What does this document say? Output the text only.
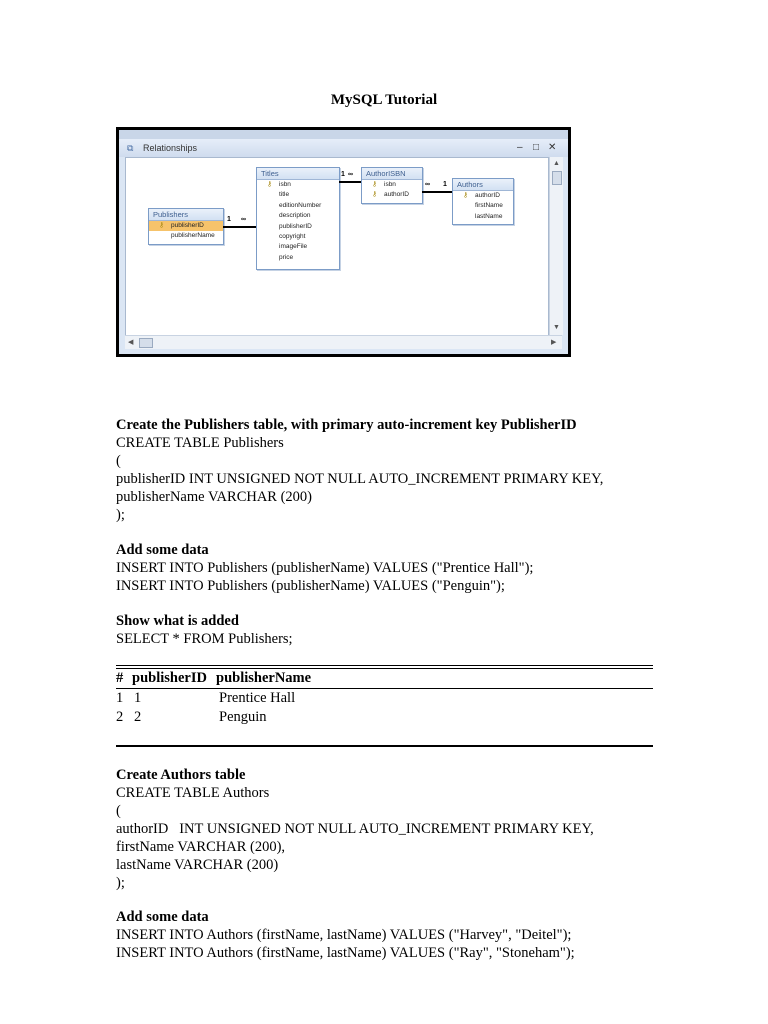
MySQL Tutorial
⧉ Relationships	– □ ✕
Publishers
⚷ publisherID
publisherName
Titles
⚷ isbn
title
editionNumber
description
publisherID
copyright
imageFile
price
AuthorISBN
⚷ isbn
⚷ authorID
Authors
⚷ authorID
firstName
lastName
1 ∞
1 ∞
∞ 1
▲
▼
◀	▶
Create the Publishers table, with primary auto-increment key PublisherID
CREATE TABLE Publishers
(
publisherID INT UNSIGNED NOT NULL AUTO_INCREMENT PRIMARY KEY,
publisherName VARCHAR (200)
);
Add some data
INSERT INTO Publishers (publisherName) VALUES ("Prentice Hall");
INSERT INTO Publishers (publisherName) VALUES ("Penguin");
Show what is added
SELECT * FROM Publishers;
# publisherID publisherName
1 1	Prentice Hall
2 2	Penguin
Create Authors table
CREATE TABLE Authors
(
authorID   INT UNSIGNED NOT NULL AUTO_INCREMENT PRIMARY KEY,
firstName VARCHAR (200),
lastName VARCHAR (200)
);
Add some data
INSERT INTO Authors (firstName, lastName) VALUES ("Harvey", "Deitel");
INSERT INTO Authors (firstName, lastName) VALUES ("Ray", "Stoneham");
